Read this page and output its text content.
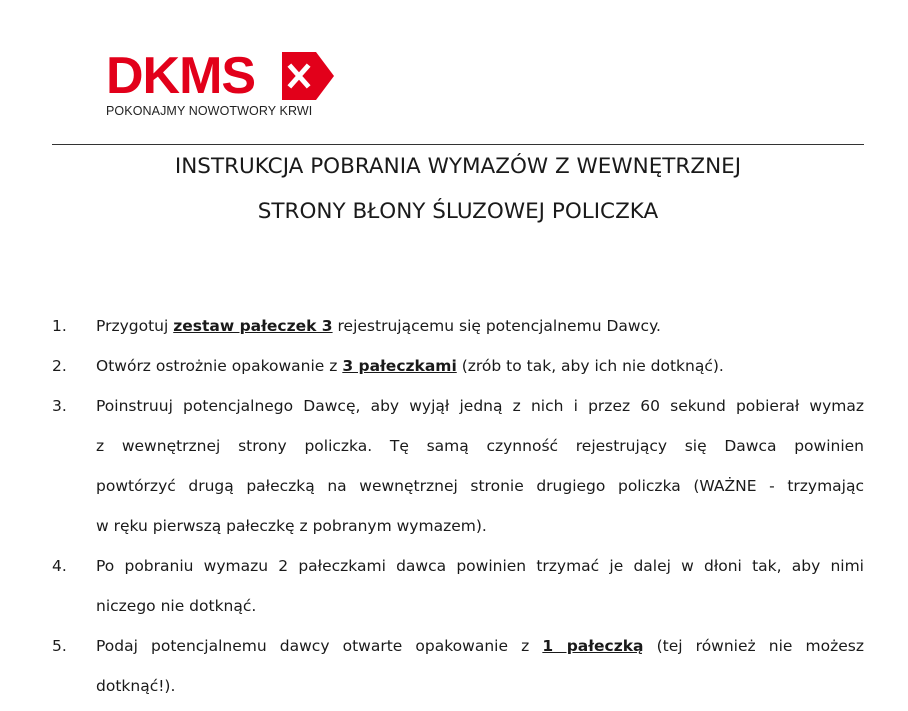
DKMS
POKONAJMY NOWOTWORY KRWI
INSTRUKCJA POBRANIA WYMAZÓW Z WEWNĘTRZNEJ
STRONY BŁONY ŚLUZOWEJ POLICZKA
1. Przygotuj zestaw pałeczek 3 rejestrującemu się potencjalnemu Dawcy.
2. Otwórz ostrożnie opakowanie z 3 pałeczkami (zrób to tak, aby ich nie dotknąć).
3. Poinstruuj potencjalnego Dawcę, aby wyjął jedną z nich i przez 60 sekund pobierał wymaz
z wewnętrznej strony policzka. Tę samą czynność rejestrujący się Dawca powinien
powtórzyć drugą pałeczką na wewnętrznej stronie drugiego policzka (WAŻNE - trzymając
w ręku pierwszą pałeczkę z pobranym wymazem).
4. Po pobraniu wymazu 2 pałeczkami dawca powinien trzymać je dalej w dłoni tak, aby nimi
niczego nie dotknąć.
5. Podaj potencjalnemu dawcy otwarte opakowanie z 1 pałeczką (tej również nie możesz
dotknąć!).
